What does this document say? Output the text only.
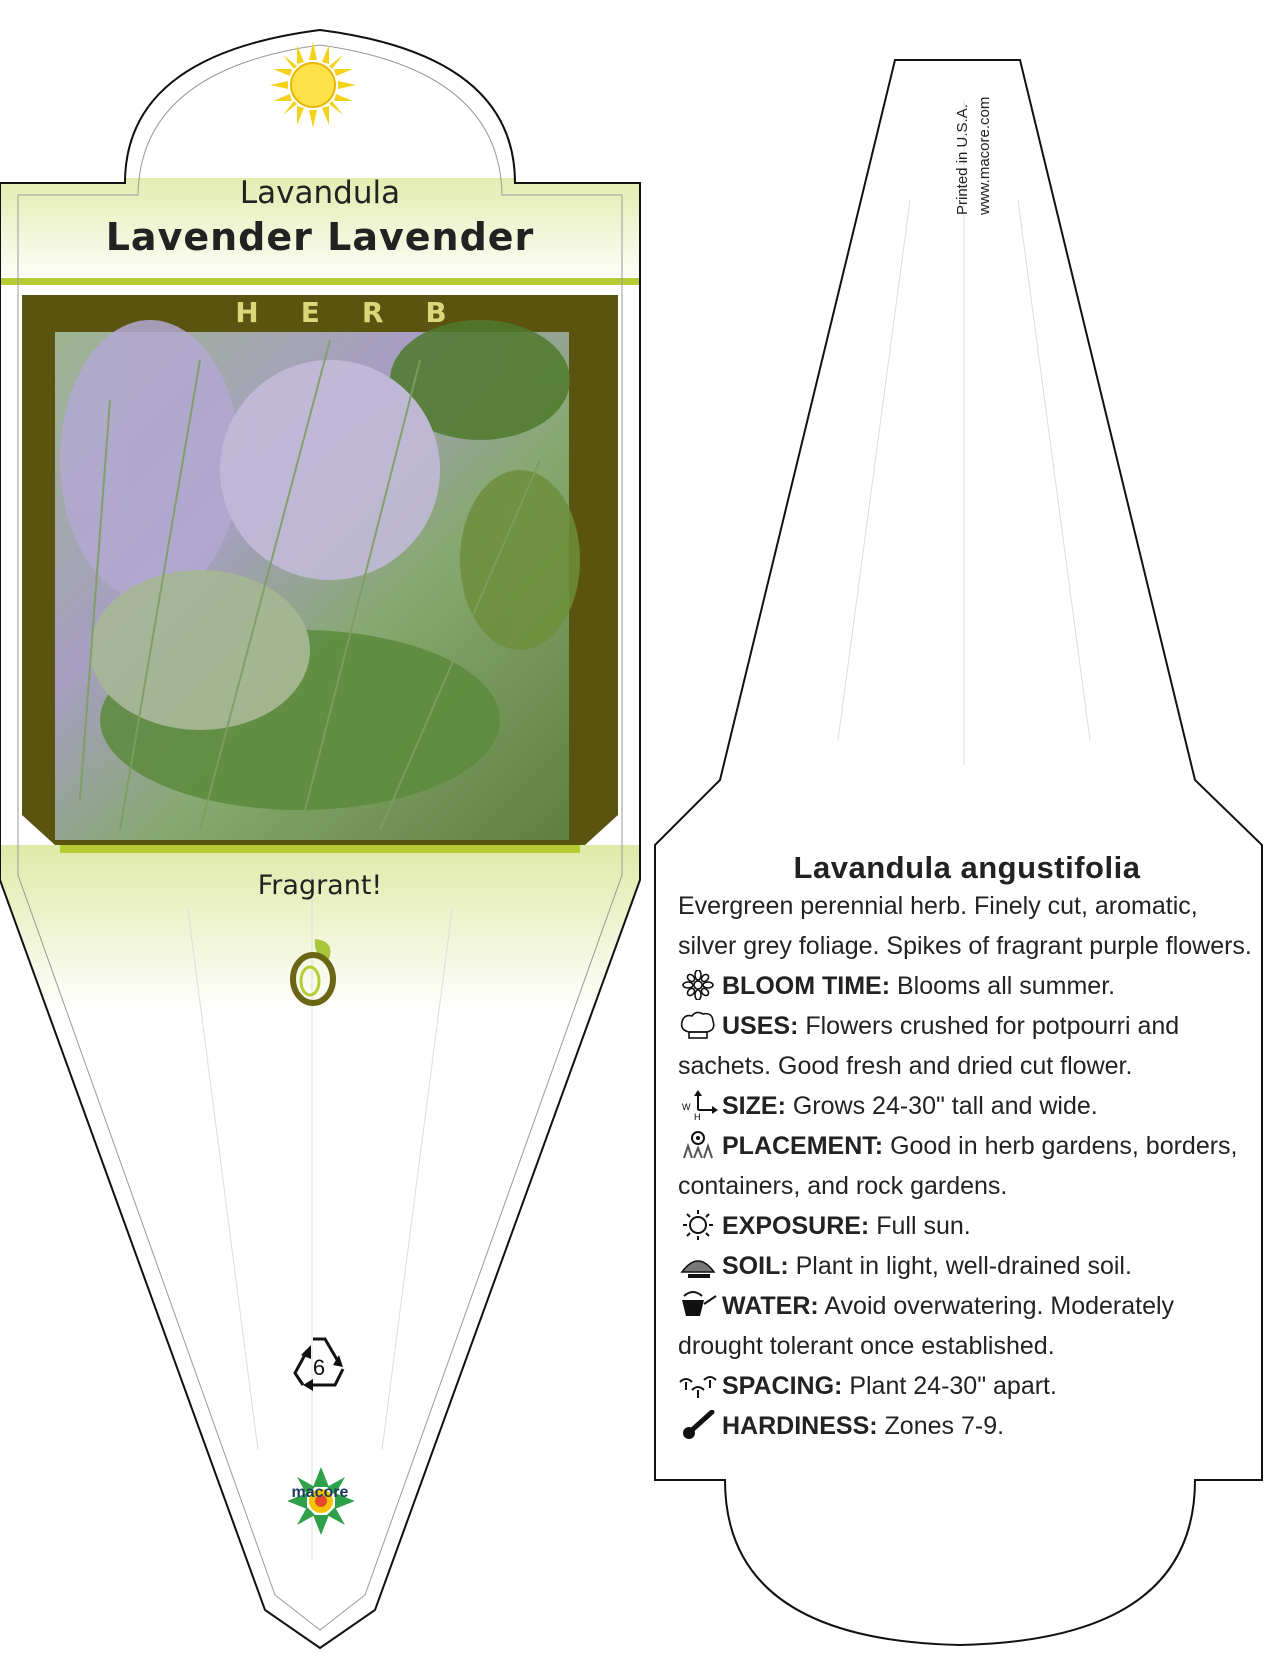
Lavandula
Lavender Lavender
HERB
Fragrant!
6
macore
Printed in U.S.A. www.macore.com
Lavandula angustifolia

Evergreen perennial herb. Finely cut, aromatic, silver grey foliage. Spikes of fragrant purple flowers.

BLOOM TIME: Blooms all summer.

USES: Flowers crushed for potpourri and sachets. Good fresh and dried cut flower.

W
H SIZE: Grows 24-30" tall and wide.

PLACEMENT: Good in herb gardens, borders, containers, and rock gardens.

EXPOSURE: Full sun.

SOIL: Plant in light, well-drained soil.

WATER: Avoid overwatering. Moderately drought tolerant once established.

SPACING: Plant 24-30" apart.

HARDINESS: Zones 7-9.
